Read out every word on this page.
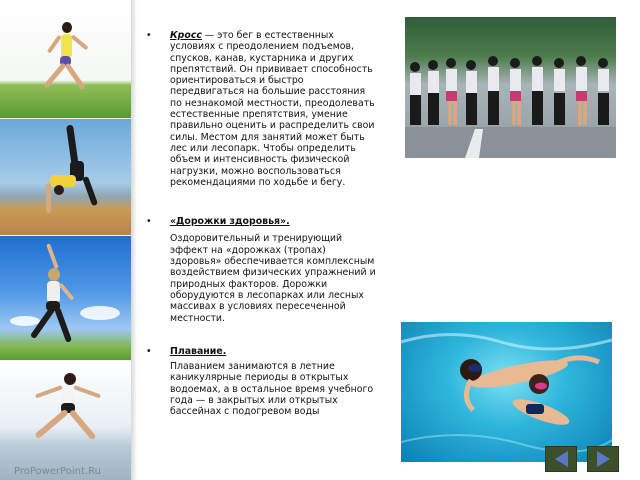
ProPowerPoint.Ru
• Кросс — это бег в естественных условиях с преодолением подъемов, спусков, канав, кустарника и других препятствий. Он прививает способность ориентироваться и быстро передвигаться на большие расстояния по незнакомой местности, преодолевать естественные препятствия, умение правильно оценить и распределить свои силы. Местом для занятий может быть лес или лесопарк. Чтобы определить объем и интенсивность физической нагрузки, можно воспользоваться рекомендациями по ходьбе и бегу.

• «Дорожки здоровья».

Оздоровительный и тренирующий эффект на «дорожках (тропах) здоровья» обеспечивается комплексным воздействием физических упражнений и природных факторов. Дорожки оборудуются в лесопарках или лесных массивах в условиях пересеченной местности.

• Плавание.

Плаванием занимаются в летние каникулярные периоды в открытых водоемах, а в остальное время учебного года — в закрытых или открытых бассейнах с подогревом воды
